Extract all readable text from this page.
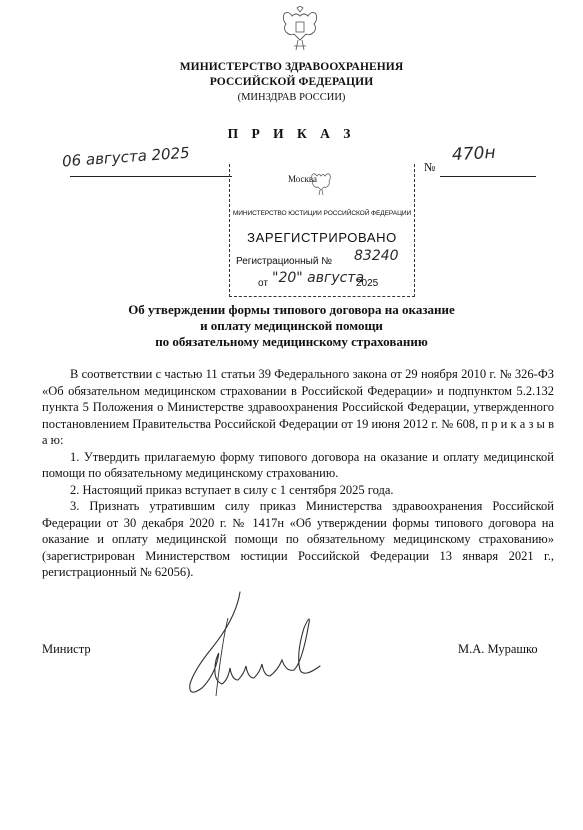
МИНИСТЕРСТВО ЗДРАВООХРАНЕНИЯ
РОССИЙСКОЙ ФЕДЕРАЦИИ
(МИНЗДРАВ РОССИИ)
П Р И К А З
06 августа 2025	№
470н
Москва
МИНИСТЕРСТВО ЮСТИЦИИ РОССИЙСКОЙ ФЕДЕРАЦИИ
ЗАРЕГИСТРИРОВАНО
Регистрационный № 83240
от "20" августа
2025
Об утверждении формы типового договора на оказание
и оплату медицинской помощи
по обязательному медицинскому страхованию

В соответствии с частью 11 статьи 39 Федерального закона от 29 ноября 2010 г. № 326-ФЗ «Об обязательном медицинском страховании в Российской Федерации» и подпунктом 5.2.132 пункта 5 Положения о Министерстве здравоохранения Российской Федерации, утвержденного постановлением Правительства Российской Федерации от 19 июня 2012 г. № 608, п р и к а з ы в а ю:

1. Утвердить прилагаемую форму типового договора на оказание и оплату медицинской помощи по обязательному медицинскому страхованию.

2. Настоящий приказ вступает в силу с 1 сентября 2025 года.

3. Признать утратившим силу приказ Министерства здравоохранения Российской Федерации от 30 декабря 2020 г. № 1417н «Об утверждении формы типового договора на оказание и оплату медицинской помощи по обязательному медицинскому страхованию» (зарегистрирован Министерством юстиции Российской Федерации 13 января 2021 г., регистрационный № 62056).

Министр	М.А. Мурашко
